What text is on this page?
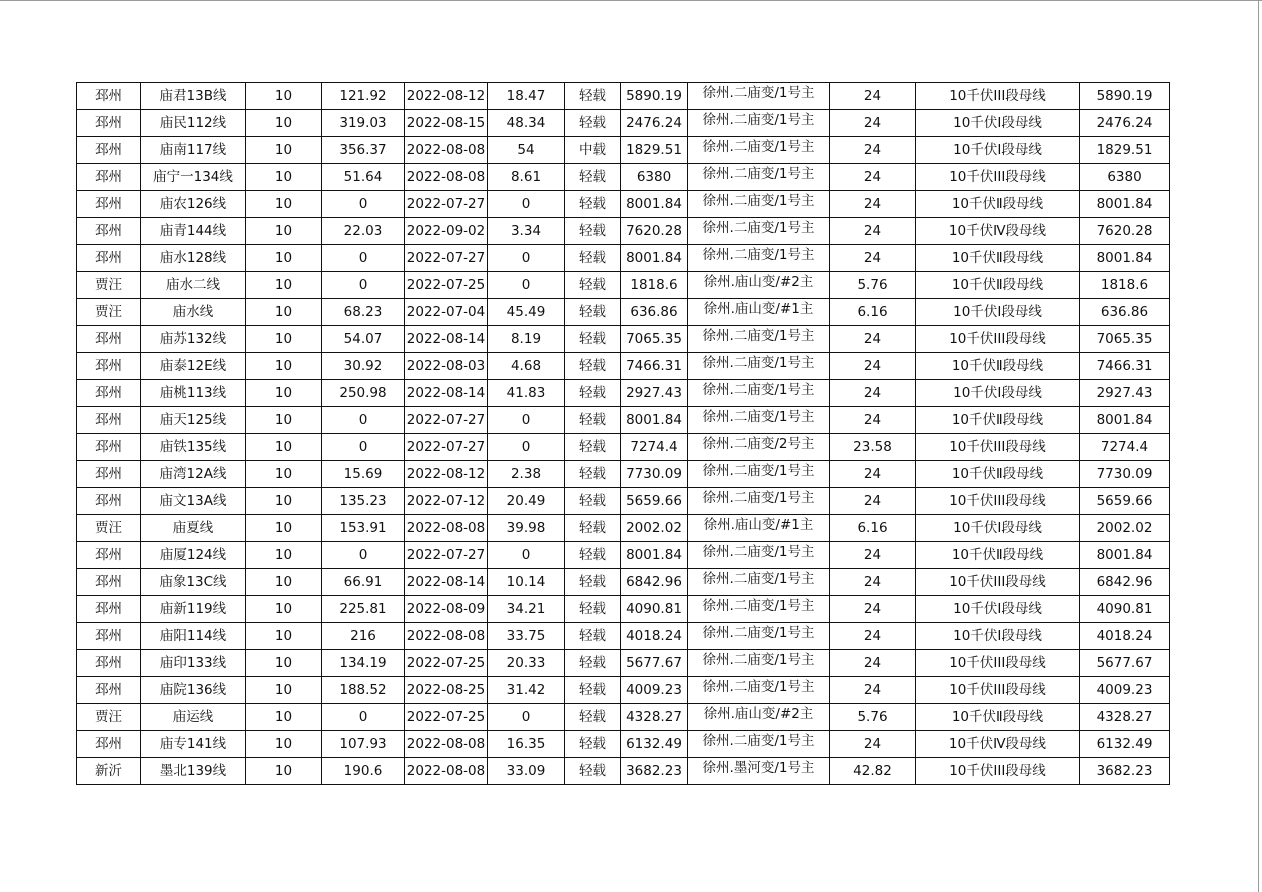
邳州	庙君13B线	10	121.92	2022-08-12	18.47	轻载	5890.19	徐州.二庙变/1号主	24	10千伏III段母线	5890.19
邳州	庙民112线	10	319.03	2022-08-15	48.34	轻载	2476.24	徐州.二庙变/1号主	24	10千伏Ⅰ段母线	2476.24
邳州	庙南117线	10	356.37	2022-08-08	54	中载	1829.51	徐州.二庙变/1号主	24	10千伏Ⅰ段母线	1829.51
邳州	庙宁一134线	10	51.64	2022-08-08	8.61	轻载	6380	徐州.二庙变/1号主	24	10千伏III段母线	6380
邳州	庙农126线	10	0	2022-07-27	0	轻载	8001.84	徐州.二庙变/1号主	24	10千伏Ⅱ段母线	8001.84
邳州	庙青144线	10	22.03	2022-09-02	3.34	轻载	7620.28	徐州.二庙变/1号主	24	10千伏Ⅳ段母线	7620.28
邳州	庙水128线	10	0	2022-07-27	0	轻载	8001.84	徐州.二庙变/1号主	24	10千伏Ⅱ段母线	8001.84
贾汪	庙水二线	10	0	2022-07-25	0	轻载	1818.6	徐州.庙山变/#2主	5.76	10千伏Ⅱ段母线	1818.6
贾汪	庙水线	10	68.23	2022-07-04	45.49	轻载	636.86	徐州.庙山变/#1主	6.16	10千伏Ⅰ段母线	636.86
邳州	庙苏132线	10	54.07	2022-08-14	8.19	轻载	7065.35	徐州.二庙变/1号主	24	10千伏III段母线	7065.35
邳州	庙泰12E线	10	30.92	2022-08-03	4.68	轻载	7466.31	徐州.二庙变/1号主	24	10千伏Ⅱ段母线	7466.31
邳州	庙桃113线	10	250.98	2022-08-14	41.83	轻载	2927.43	徐州.二庙变/1号主	24	10千伏Ⅰ段母线	2927.43
邳州	庙天125线	10	0	2022-07-27	0	轻载	8001.84	徐州.二庙变/1号主	24	10千伏Ⅱ段母线	8001.84
邳州	庙铁135线	10	0	2022-07-27	0	轻载	7274.4	徐州.二庙变/2号主	23.58	10千伏III段母线	7274.4
邳州	庙湾12A线	10	15.69	2022-08-12	2.38	轻载	7730.09	徐州.二庙变/1号主	24	10千伏Ⅱ段母线	7730.09
邳州	庙文13A线	10	135.23	2022-07-12	20.49	轻载	5659.66	徐州.二庙变/1号主	24	10千伏III段母线	5659.66
贾汪	庙夏线	10	153.91	2022-08-08	39.98	轻载	2002.02	徐州.庙山变/#1主	6.16	10千伏Ⅰ段母线	2002.02
邳州	庙厦124线	10	0	2022-07-27	0	轻载	8001.84	徐州.二庙变/1号主	24	10千伏Ⅱ段母线	8001.84
邳州	庙象13C线	10	66.91	2022-08-14	10.14	轻载	6842.96	徐州.二庙变/1号主	24	10千伏III段母线	6842.96
邳州	庙新119线	10	225.81	2022-08-09	34.21	轻载	4090.81	徐州.二庙变/1号主	24	10千伏Ⅰ段母线	4090.81
邳州	庙阳114线	10	216	2022-08-08	33.75	轻载	4018.24	徐州.二庙变/1号主	24	10千伏Ⅰ段母线	4018.24
邳州	庙印133线	10	134.19	2022-07-25	20.33	轻载	5677.67	徐州.二庙变/1号主	24	10千伏III段母线	5677.67
邳州	庙院136线	10	188.52	2022-08-25	31.42	轻载	4009.23	徐州.二庙变/1号主	24	10千伏III段母线	4009.23
贾汪	庙运线	10	0	2022-07-25	0	轻载	4328.27	徐州.庙山变/#2主	5.76	10千伏Ⅱ段母线	4328.27
邳州	庙专141线	10	107.93	2022-08-08	16.35	轻载	6132.49	徐州.二庙变/1号主	24	10千伏Ⅳ段母线	6132.49
新沂	墨北139线	10	190.6	2022-08-08	33.09	轻载	3682.23	徐州.墨河变/1号主	42.82	10千伏III段母线	3682.23
